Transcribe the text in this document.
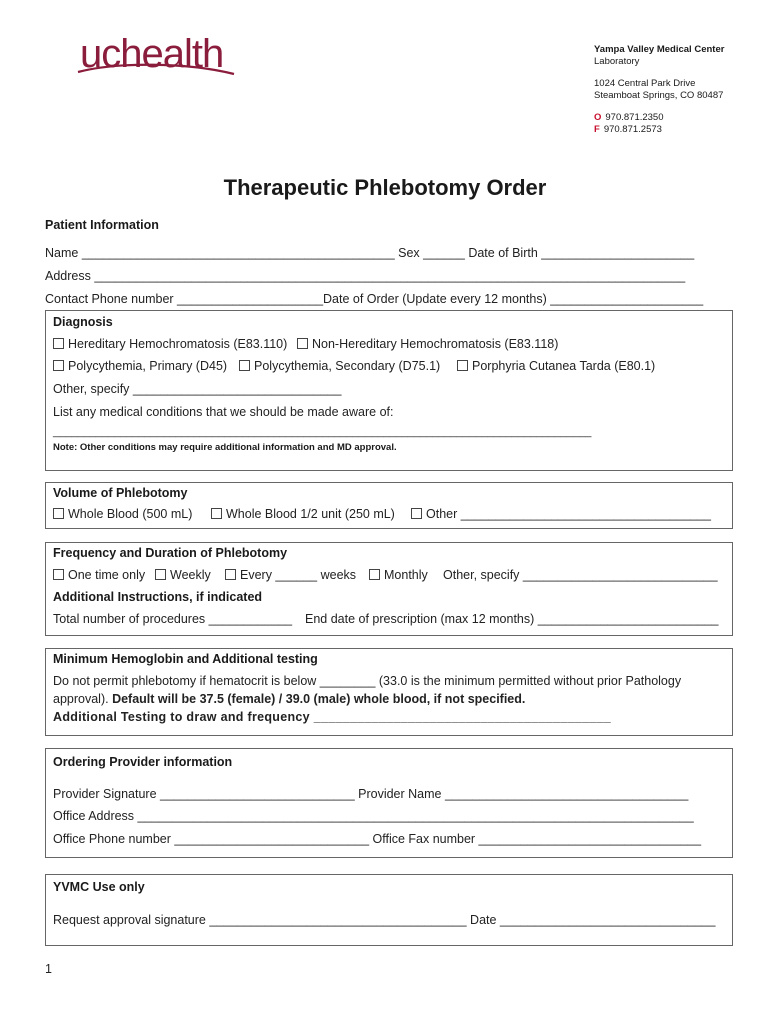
uchealth	Yampa Valley Medical Center
Laboratory
1024 Central Park Drive
Steamboat Springs, CO 80487
O 970.871.2350
F 970.871.2573
Therapeutic Phlebotomy Order
Patient Information
Name _____________________________________________ Sex ______ Date of Birth ______________________
Address _____________________________________________________________________________________
Contact Phone number _____________________Date of Order (Update every 12 months) ______________________
Diagnosis
Hereditary Hemochromatosis (E83.110)	Non-Hereditary Hemochromatosis (E83.118)
Polycythemia, Primary (D45)	Polycythemia, Secondary (D75.1)	Porphyria Cutanea Tarda (E80.1)
Other, specify ______________________________
List any medical conditions that we should be made aware of:
________________________________________________________________________________________
Note: Other conditions may require additional information and MD approval.
Volume of Phlebotomy
Whole Blood (500 mL)	Whole Blood 1/2 unit (250 mL)	Other ____________________________________
Frequency and Duration of Phlebotomy
One time only	Weekly	Every ______ weeks	Monthly Other, specify ____________________________
Additional Instructions, if indicated
Total number of procedures ____________ End date of prescription (max 12 months) __________________________
Minimum Hemoglobin and Additional testing
Do not permit phlebotomy if hematocrit is below ________ (33.0 is the minimum permitted without prior Pathology
approval). Default will be 37.5 (female) / 39.0 (male) whole blood, if not specified.
Additional Testing to draw and frequency _________________________________________
Ordering Provider information
Provider Signature ____________________________ Provider Name ___________________________________
Office Address ________________________________________________________________________________
Office Phone number ____________________________ Office Fax number ________________________________
YVMC Use only
Request approval signature _____________________________________ Date _______________________________
1
